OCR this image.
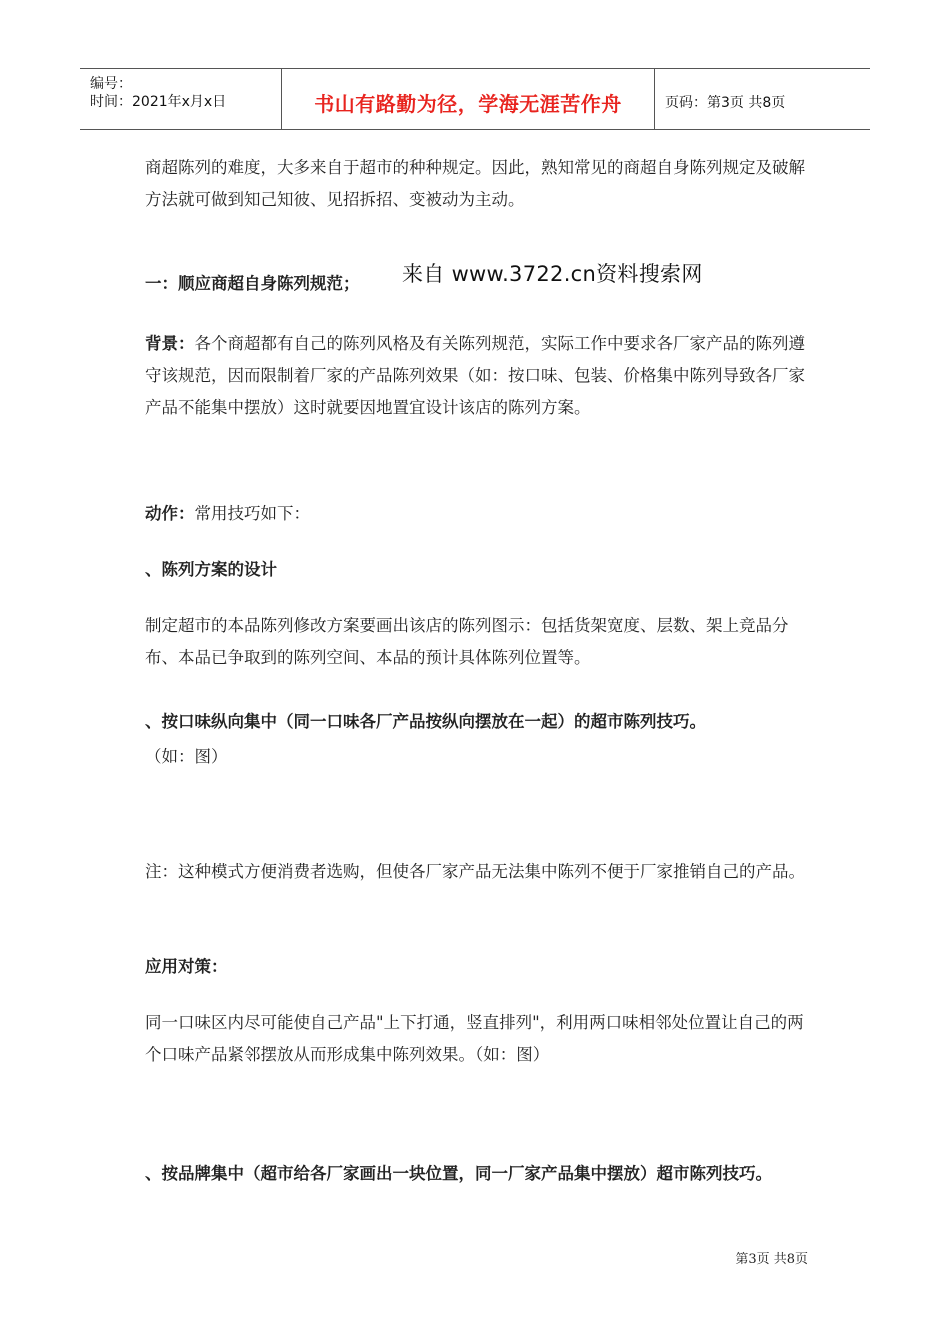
编号：
时间：2021年x月x日	书山有路勤为径，学海无涯苦作舟	页码：第3页 共8页

商超陈列的难度，大多来自于超市的种种规定。因此，熟知常见的商超自身陈列规定及破解方法就可做到知己知彼、见招拆招、变被动为主动。

一：顺应商超自身陈列规范；	来自 www.3722.cn资料搜索网

背景：各个商超都有自己的陈列风格及有关陈列规范，实际工作中要求各厂家产品的陈列遵守该规范，因而限制着厂家的产品陈列效果（如：按口味、包装、价格集中陈列导致各厂家产品不能集中摆放）这时就要因地置宜设计该店的陈列方案。

动作：常用技巧如下：

、陈列方案的设计

制定超市的本品陈列修改方案要画出该店的陈列图示：包括货架宽度、层数、架上竞品分布、本品已争取到的陈列空间、本品的预计具体陈列位置等。

、按口味纵向集中（同一口味各厂产品按纵向摆放在一起）的超市陈列技巧。

（如：图）

注：这种模式方便消费者选购，但使各厂家产品无法集中陈列不便于厂家推销自己的产品。

应用对策：

同一口味区内尽可能使自己产品"上下打通，竖直排列"，利用两口味相邻处位置让自己的两个口味产品紧邻摆放从而形成集中陈列效果。（如：图）

、按品牌集中（超市给各厂家画出一块位置，同一厂家产品集中摆放）超市陈列技巧。

第3页 共8页
